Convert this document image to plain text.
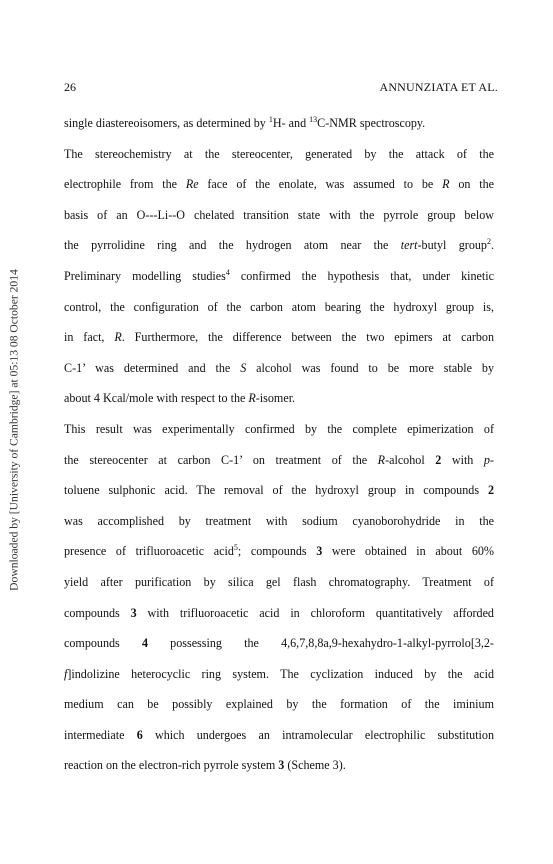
26	ANNUNZIATA ET AL.
Downloaded by [University of Cambridge] at 05:13 08 October 2014
single diastereoisomers, as determined by $^1$H- and $^{13}$C-NMR spectroscopy.
The stereochemistry at the stereocenter, generated by the attack of the
electrophile from the Re face of the enolate, was assumed to be R on the
basis of an O---Li--O chelated transition state with the pyrrole group below
the pyrrolidine ring and the hydrogen atom near the tert-butyl group$^2$.
Preliminary modelling studies$^4$ confirmed the hypothesis that, under kinetic
control, the configuration of the carbon atom bearing the hydroxyl group is,
in fact, R. Furthermore, the difference between the two epimers at carbon
C-1’ was determined and the S alcohol was found to be more stable by
about 4 Kcal/mole with respect to the R-isomer.
This result was experimentally confirmed by the complete epimerization of
the stereocenter at carbon C-1’ on treatment of the R-alcohol 2 with p-
toluene sulphonic acid. The removal of the hydroxyl group in compounds 2
was accomplished by treatment with sodium cyanoborohydride in the
presence of trifluoroacetic acid$^5$; compounds 3 were obtained in about 60%
yield after purification by silica gel flash chromatography. Treatment of
compounds 3 with trifluoroacetic acid in chloroform quantitatively afforded
compounds 4 possessing the 4,6,7,8,8a,9-hexahydro-1-alkyl-pyrrolo[3,2-
f]indolizine heterocyclic ring system. The cyclization induced by the acid
medium can be possibly explained by the formation of the iminium
intermediate 6 which undergoes an intramolecular electrophilic substitution
reaction on the electron-rich pyrrole system 3 (Scheme 3).
